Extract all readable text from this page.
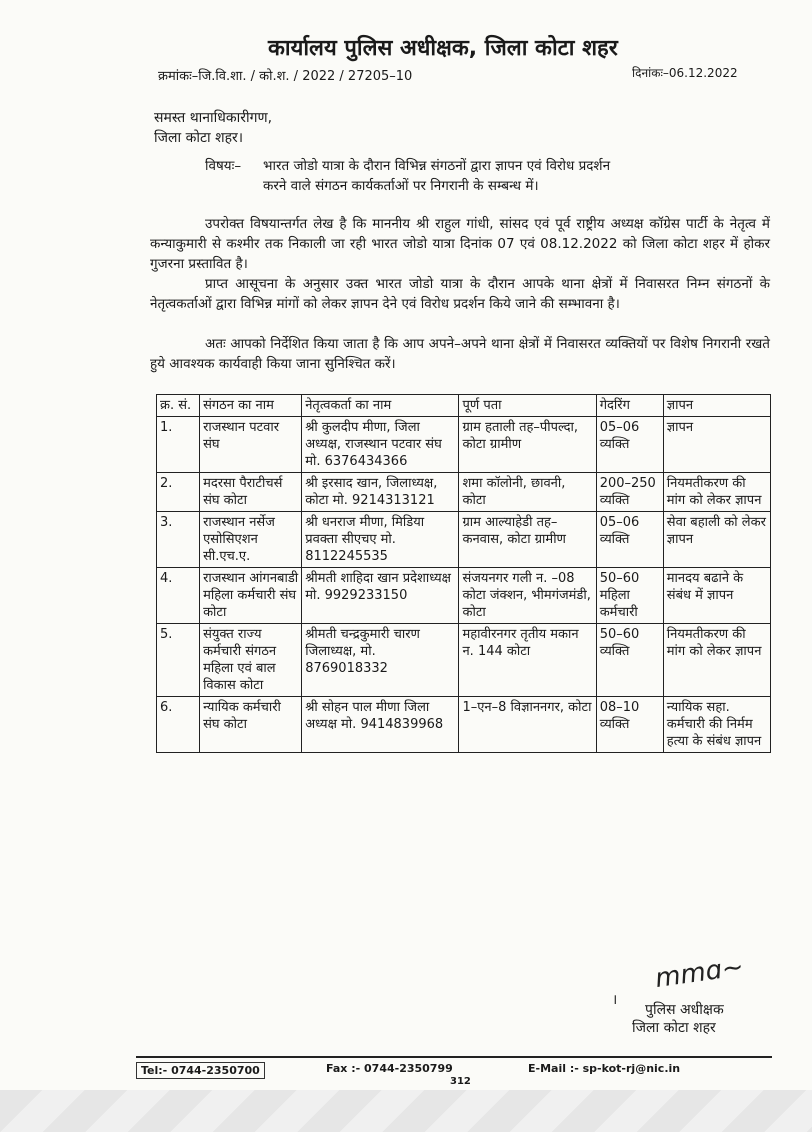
कार्यालय पुलिस अधीक्षक, जिला कोटा शहर
क्रमांकः–जि.वि.शा. / को.श. / 2022 / 27205–10	दिनांकः–06.12.2022
समस्त थानाधिकारीगण,
जिला कोटा शहर।
विषयः– भारत जोडो यात्रा के दौरान विभिन्न संगठनों द्वारा ज्ञापन एवं विरोध प्रदर्शन
करने वाले संगठन कार्यकर्ताओं पर निगरानी के सम्बन्ध में।
उपरोक्त विषयान्तर्गत लेख है कि माननीय श्री राहुल गांधी, सांसद एवं पूर्व राष्ट्रीय अध्यक्ष कॉग्रेस पार्टी के नेतृत्व में कन्याकुमारी से कश्मीर तक निकाली जा रही भारत जोडो यात्रा दिनांक 07 एवं 08.12.2022 को जिला कोटा शहर में होकर गुजरना प्रस्तावित है।
प्राप्त आसूचना के अनुसार उक्त भारत जोडो यात्रा के दौरान आपके थाना क्षेत्रों में निवासरत निम्न संगठनों के नेतृत्वकर्ताओं द्वारा विभिन्न मांगों को लेकर ज्ञापन देने एवं विरोध प्रदर्शन किये जाने की सम्भावना है।
अतः आपको निर्देशित किया जाता है कि आप अपने–अपने थाना क्षेत्रों में निवासरत व्यक्तियों पर विशेष निगरानी रखते हुये आवश्यक कार्यवाही किया जाना सुनिश्चित करें।
क्र. सं.	संगठन का नाम	नेतृत्वकर्ता का नाम	पूर्ण पता	गेदरिंग	ज्ञापन
1.	राजस्थान पटवार संघ	श्री कुलदीप मीणा, जिला अध्यक्ष, राजस्थान पटवार संघ मो. 6376434366	ग्राम हताली तह–पीपल्दा, कोटा ग्रामीण	05–06 व्यक्ति	ज्ञापन
2.	मदरसा पैराटीचर्स संघ कोटा	श्री इरसाद खान, जिलाध्यक्ष, कोटा मो. 9214313121	शमा कॉलोनी, छावनी, कोटा	200–250 व्यक्ति	नियमतीकरण की मांग को लेकर ज्ञापन
3.	राजस्थान नर्सेज एसोसिएशन सी.एच.ए.	श्री धनराज मीणा, मिडिया प्रवक्ता सीएचए मो. 8112245535	ग्राम आल्याहेडी तह–कनवास, कोटा ग्रामीण	05–06 व्यक्ति	सेवा बहाली को लेकर ज्ञापन
4.	राजस्थान आंगनबाडी महिला कर्मचारी संघ कोटा	श्रीमती शाहिदा खान प्रदेशाध्यक्ष मो. 9929233150	संजयनगर गली न. –08 कोटा जंक्शन, भीमगंजमंडी, कोटा	50–60 महिला कर्मचारी	मानदय बढाने के संबंध में ज्ञापन
5.	संयुक्त राज्य कर्मचारी संगठन महिला एवं बाल विकास कोटा	श्रीमती चन्द्रकुमारी चारण जिलाध्यक्ष, मो. 8769018332	महावीरनगर तृतीय मकान न. 144 कोटा	50–60 व्यक्ति	नियमतीकरण की मांग को लेकर ज्ञापन
6.	न्यायिक कर्मचारी संघ कोटा	श्री सोहन पाल मीणा जिला अध्यक्ष मो. 9414839968	1–एन–8 विज्ञाननगर, कोटा	08–10 व्यक्ति	न्यायिक सहा. कर्मचारी की निर्मम हत्या के संबंध ज्ञापन
mmɑ~
।
पुलिस अधीक्षक
जिला कोटा शहर
Tel:- 0744-2350700	Fax :- 0744-2350799	E-Mail :- sp-kot-rj@nic.in
312
